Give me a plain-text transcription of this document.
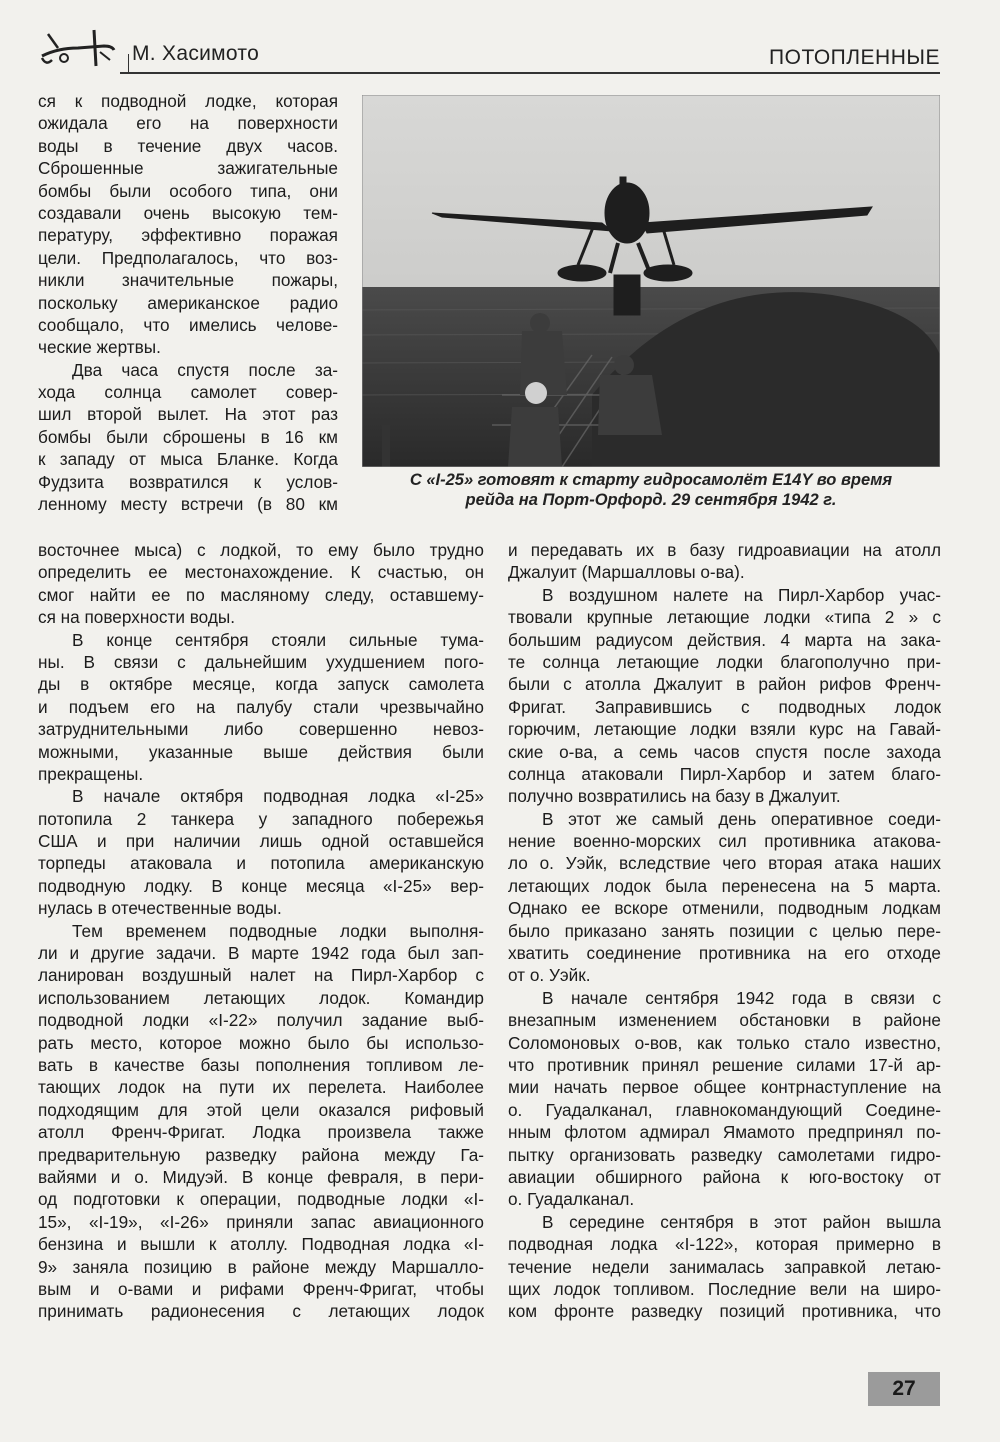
М. Хасимото	ПОТОПЛЕННЫЕ
С «I-25» готовят к старту гидросамолёт E14Y во время
рейда на Порт-Орфорд. 29 сентября 1942 г.
ся к подводной лодке, которая
ожидала его на поверхности
воды в течение двух часов.
Сброшенные зажигательные
бомбы были особого типа, они
создавали очень высокую тем-
пературу, эффективно поражая
цели. Предполагалось, что воз-
никли значительные пожары,
поскольку американское радио
сообщало, что имелись челове-
ческие жертвы.
Два часа спустя после за-
хода солнца самолет совер-
шил второй вылет. На этот раз
бомбы были сброшены в 16 км
к западу от мыса Бланке. Когда
Фудзита возвратился к услов-
ленному месту встречи (в 80 км
восточнее мыса) с лодкой, то ему было трудно
определить ее местонахождение. К счастью, он
смог найти ее по масляному следу, оставшему-
ся на поверхности воды.
В конце сентября стояли сильные тума-
ны. В связи с дальнейшим ухудшением пого-
ды в октябре месяце, когда запуск самолета
и подъем его на палубу стали чрезвычайно
затруднительными либо совершенно невоз-
можными, указанные выше действия были
прекращены.
В начале октября подводная лодка «I-25»
потопила 2 танкера у западного побережья
США и при наличии лишь одной оставшейся
торпеды атаковала и потопила американскую
подводную лодку. В конце месяца «I-25» вер-
нулась в отечественные воды.
Тем временем подводные лодки выполня-
ли и другие задачи. В марте 1942 года был зап-
ланирован воздушный налет на Пирл-Харбор с
использованием летающих лодок. Командир
подводной лодки «I-22» получил задание выб-
рать место, которое можно было бы использо-
вать в качестве базы пополнения топливом ле-
тающих лодок на пути их перелета. Наиболее
подходящим для этой цели оказался рифовый
атолл Френч-Фригат. Лодка произвела также
предварительную разведку района между Га-
вайями и о. Мидуэй. В конце февраля, в пери-
од подготовки к операции, подводные лодки «I-
15», «I-19», «I-26» приняли запас авиационного
бензина и вышли к атоллу. Подводная лодка «I-
9» заняла позицию в районе между Маршалло-
вым и о-вами и рифами Френч-Фригат, чтобы
принимать радионесения с летающих лодок
и передавать их в базу гидроавиации на атолл
Джалуит (Маршалловы о-ва).
В воздушном налете на Пирл-Харбор учас-
твовали крупные летающие лодки «типа 2 » с
большим радиусом действия. 4 марта на зака-
те солнца летающие лодки благополучно при-
были с атолла Джалуит в район рифов Френч-
Фригат. Заправившись с подводных лодок
горючим, летающие лодки взяли курс на Гавай-
ские о-ва, а семь часов спустя после захода
солнца атаковали Пирл-Харбор и затем благо-
получно возвратились на базу в Джалуит.
В этот же самый день оперативное соеди-
нение военно-морских сил противника атакова-
ло о. Уэйк, вследствие чего вторая атака наших
летающих лодок была перенесена на 5 марта.
Однако ее вскоре отменили, подводным лодкам
было приказано занять позиции с целью пере-
хватить соединение противника на его отходе
от о. Уэйк.
В начале сентября 1942 года в связи с
внезапным изменением обстановки в районе
Соломоновых о-вов, как только стало известно,
что противник принял решение силами 17-й ар-
мии начать первое общее контрнаступление на
о. Гуадалканал, главнокомандующий Соедине-
нным флотом адмирал Ямамото предпринял по-
пытку организовать разведку самолетами гидро-
авиации обширного района к юго-востоку от
о. Гуадалканал.
В середине сентября в этот район вышла
подводная лодка «I-122», которая примерно в
течение недели занималась заправкой летаю-
щих лодок топливом. Последние вели на широ-
ком фронте разведку позиций противника, что
27
